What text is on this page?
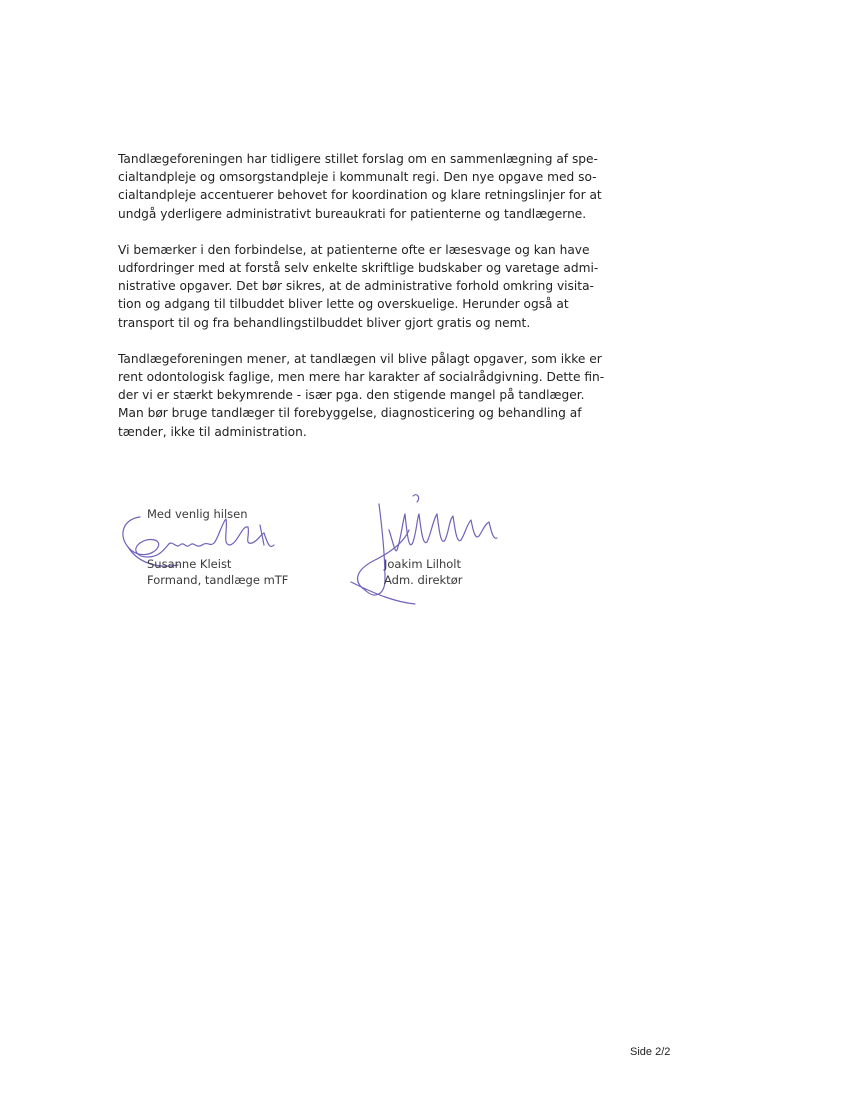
Tandlægeforeningen har tidligere stillet forslag om en sammenlægning af spe-
cialtandpleje og omsorgstandpleje i kommunalt regi. Den nye opgave med so-
cialtandpleje accentuerer behovet for koordination og klare retningslinjer for at
undgå yderligere administrativt bureaukrati for patienterne og tandlægerne.

Vi bemærker i den forbindelse, at patienterne ofte er læsesvage og kan have
udfordringer med at forstå selv enkelte skriftlige budskaber og varetage admi-
nistrative opgaver. Det bør sikres, at de administrative forhold omkring visita-
tion og adgang til tilbuddet bliver lette og overskuelige. Herunder også at
transport til og fra behandlingstilbuddet bliver gjort gratis og nemt.

Tandlægeforeningen mener, at tandlægen vil blive pålagt opgaver, som ikke er
rent odontologisk faglige, men mere har karakter af socialrådgivning. Dette fin-
der vi er stærkt bekymrende - især pga. den stigende mangel på tandlæger.
Man bør bruge tandlæger til forebyggelse, diagnosticering og behandling af
tænder, ikke til administration.

Med venlig hilsen
Susanne Kleist
Formand, tandlæge mTF
Joakim Lilholt
Adm. direktør
Side 2/2
